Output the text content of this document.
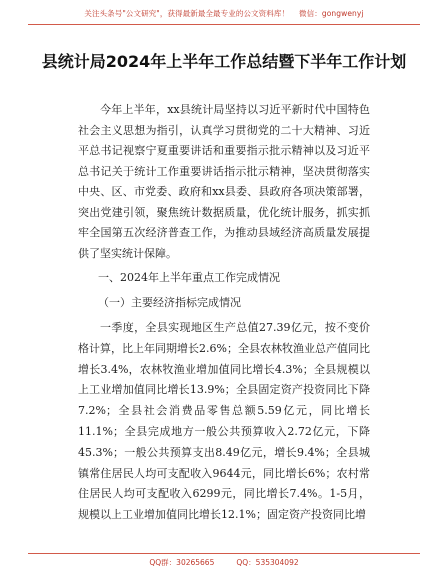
关注头条号"公文研究"，获得最新最全最专业的公文资料库！ 微信：gongwenyj
县统计局2024年上半年工作总结暨下半年工作计划
今年上半年，xx县统计局坚持以习近平新时代中国特色社会主义思想为指引，认真学习贯彻党的二十大精神、习近平总书记视察宁夏重要讲话和重要指示批示精神以及习近平总书记关于统计工作重要讲话指示批示精神，坚决贯彻落实中央、区、市党委、政府和xx县委、县政府各项决策部署，突出党建引领，聚焦统计数据质量，优化统计服务，抓实抓牢全国第五次经济普查工作，为推动县域经济高质量发展提供了坚实统计保障。
一、2024年上半年重点工作完成情况
（一）主要经济指标完成情况
一季度，全县实现地区生产总值27.39亿元，按不变价格计算，比上年同期增长2.6%；全县农林牧渔业总产值同比增长3.4%，农林牧渔业增加值同比增长4.3%；全县规模以上工业增加值同比增长13.9%；全县固定资产投资同比下降7.2%；全县社会消费品零售总额5.59亿元，同比增长11.1%；全县完成地方一般公共预算收入2.72亿元，下降45.3%；一般公共预算支出8.49亿元，增长9.4%；全县城镇常住居民人均可支配收入9644元，同比增长6%；农村常住居民人均可支配收入6299元，同比增长7.4%。1-5月，规模以上工业增加值同比增长12.1%；固定资产投资同比增
QQ群：30265665	QQ：535304092
